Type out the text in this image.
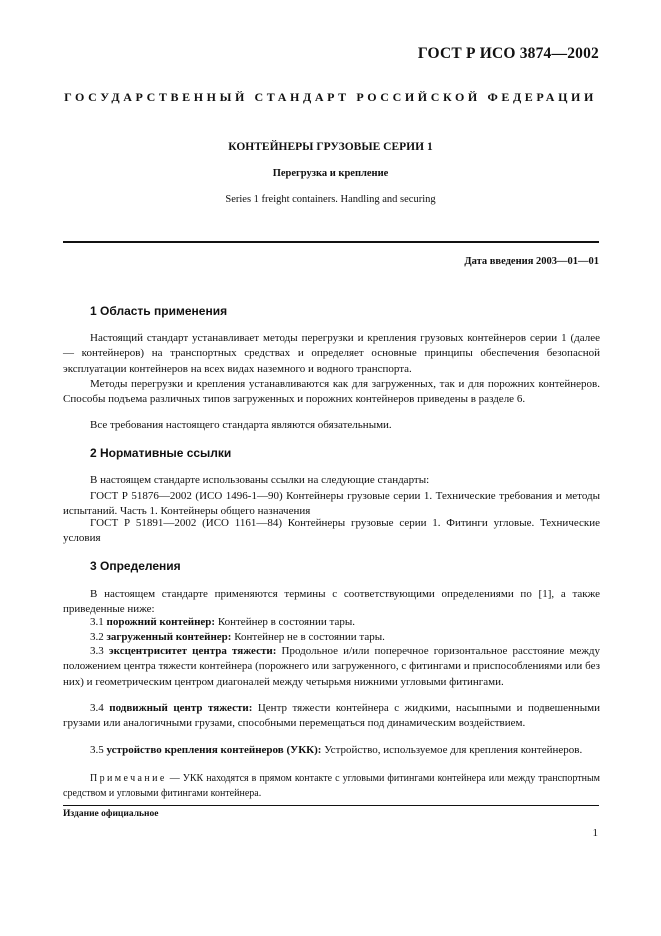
ГОСТ Р ИСО 3874—2002
ГОСУДАРСТВЕННЫЙ СТАНДАРТ РОССИЙСКОЙ ФЕДЕРАЦИИ
КОНТЕЙНЕРЫ ГРУЗОВЫЕ СЕРИИ 1
Перегрузка и крепление
Series 1 freight containers. Handling and securing
Дата введения 2003—01—01
1 Область применения
Настоящий стандарт устанавливает методы перегрузки и крепления грузовых контейнеров серии 1 (далее — контейнеров) на транспортных средствах и определяет основные принципы обеспечения безопасной эксплуатации контейнеров на всех видах наземного и водного транспорта.
Методы перегрузки и крепления устанавливаются как для загруженных, так и для порожних контейнеров. Способы подъема различных типов загруженных и порожних контейнеров приведены в разделе 6.
Все требования настоящего стандарта являются обязательными.
2 Нормативные ссылки
В настоящем стандарте использованы ссылки на следующие стандарты:
ГОСТ Р 51876—2002 (ИСО 1496-1—90) Контейнеры грузовые серии 1. Технические требования и методы испытаний. Часть 1. Контейнеры общего назначения
ГОСТ Р 51891—2002 (ИСО 1161—84) Контейнеры грузовые серии 1. Фитинги угловые. Технические условия
3 Определения
В настоящем стандарте применяются термины с соответствующими определениями по [1], а также приведенные ниже:
3.1 порожний контейнер: Контейнер в состоянии тары.
3.2 загруженный контейнер: Контейнер не в состоянии тары.
3.3 эксцентриситет центра тяжести: Продольное и/или поперечное горизонтальное расстояние между положением центра тяжести контейнера (порожнего или загруженного, с фитингами и приспособлениями или без них) и геометрическим центром диагоналей между четырьмя нижними угловыми фитингами.
3.4 подвижный центр тяжести: Центр тяжести контейнера с жидкими, насыпными и подвешенными грузами или аналогичными грузами, способными перемещаться под динамическим воздействием.
3.5 устройство крепления контейнеров (УКК): Устройство, используемое для крепления контейнеров.
Примечание — УКК находятся в прямом контакте с угловыми фитингами контейнера или между транспортным средством и угловыми фитингами контейнера.
Издание официальное
1
